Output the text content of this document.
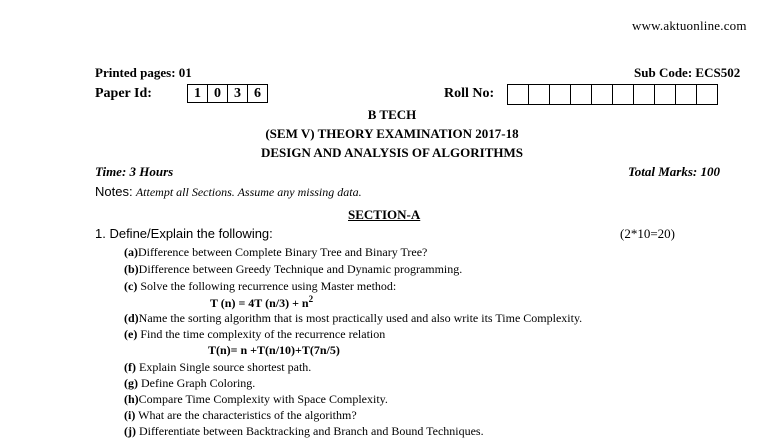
www.aktuonline.com
Printed pages: 01	Sub Code: ECS502
Paper Id:	1 0 3 6	Roll No:
B TECH
(SEM V) THEORY EXAMINATION 2017-18
DESIGN AND ANALYSIS OF ALGORITHMS
Time: 3 Hours	Total Marks: 100
Notes: Attempt all Sections. Assume any missing data.
SECTION-A
1. Define/Explain the following:	(2*10=20)
(a)Difference between Complete Binary Tree and Binary Tree?
(b)Difference between Greedy Technique and Dynamic programming.
(c) Solve the following recurrence using Master method:
T (n) = 4T $(n/3) + n^2$
(d)Name the sorting algorithm that is most practically used and also write its Time Complexity.
(e) Find the time complexity of the recurrence relation
T(n)= n +T(n/10)+T(7n/5)
(f) Explain Single source shortest path.
(g) Define Graph Coloring.
(h)Compare Time Complexity with Space Complexity.
(i) What are the characteristics of the algorithm?
(j) Differentiate between Backtracking and Branch and Bound Techniques.
